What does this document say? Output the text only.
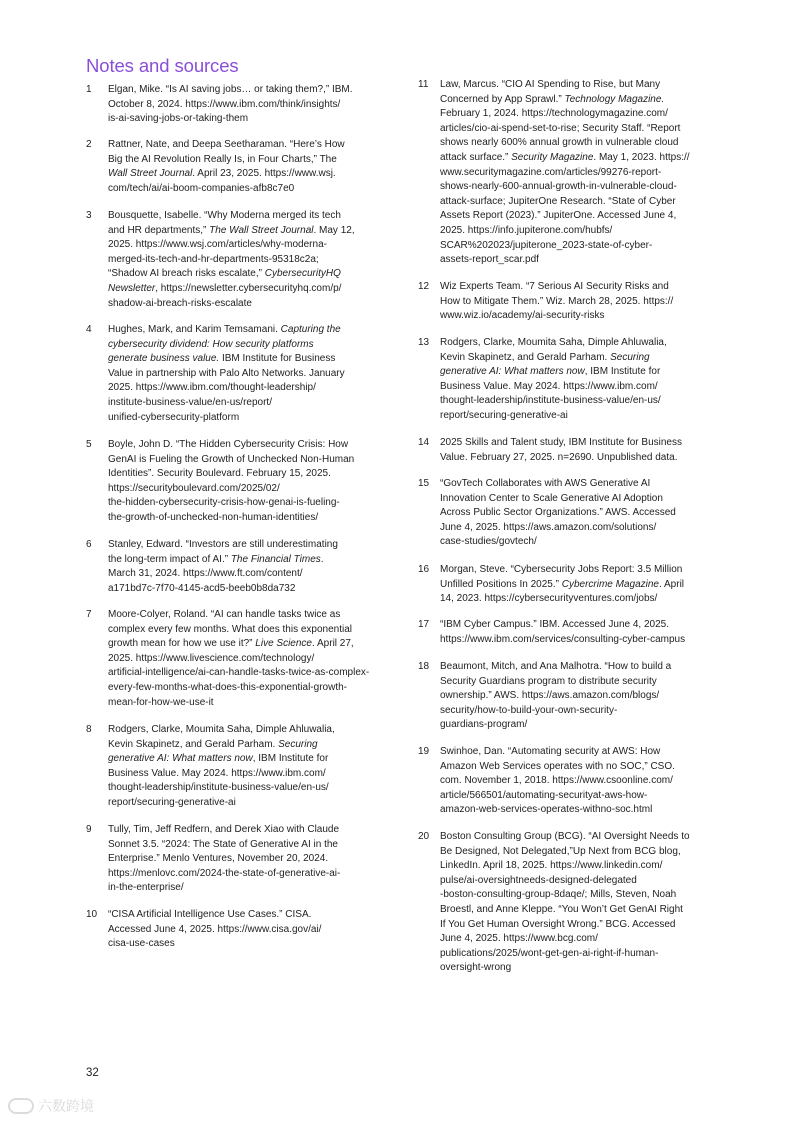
Notes and sources
1	Elgan, Mike. “Is AI saving jobs… or taking them?,” IBM.
October 8, 2024. https://www.ibm.com/think/insights/
is-ai-saving-jobs-or-taking-them
2	Rattner, Nate, and Deepa Seetharaman. “Here’s How
Big the AI Revolution Really Is, in Four Charts,” The
Wall Street Journal. April 23, 2025. https://www.wsj.
com/tech/ai/ai-boom-companies-afb8c7e0
3	Bousquette, Isabelle. “Why Moderna merged its tech
and HR departments,” The Wall Street Journal. May 12,
2025. https://www.wsj.com/articles/why-moderna-
merged-its-tech-and-hr-departments-95318c2a;
“Shadow AI breach risks escalate,” CybersecurityHQ
Newsletter, https://newsletter.cybersecurityhq.com/p/
shadow-ai-breach-risks-escalate
4	Hughes, Mark, and Karim Temsamani. Capturing the
cybersecurity dividend: How security platforms
generate business value. IBM Institute for Business
Value in partnership with Palo Alto Networks. January
2025. https://www.ibm.com/thought-leadership/
institute-business-value/en-us/report/
unified-cybersecurity-platform
5	Boyle, John D. “The Hidden Cybersecurity Crisis: How
GenAI is Fueling the Growth of Unchecked Non-Human
Identities”. Security Boulevard. February 15, 2025.
https://securityboulevard.com/2025/02/
the-hidden-cybersecurity-crisis-how-genai-is-fueling-
the-growth-of-unchecked-non-human-identities/
6	Stanley, Edward. “Investors are still underestimating
the long-term impact of AI.” The Financial Times.
March 31, 2024. https://www.ft.com/content/
a171bd7c-7f70-4145-acd5-beeb0b8da732
7	Moore-Colyer, Roland. “AI can handle tasks twice as
complex every few months. What does this exponential
growth mean for how we use it?” Live Science. April 27,
2025. https://www.livescience.com/technology/
artificial-intelligence/ai-can-handle-tasks-twice-as-complex-
every-few-months-what-does-this-exponential-growth-
mean-for-how-we-use-it
8	Rodgers, Clarke, Moumita Saha, Dimple Ahluwalia,
Kevin Skapinetz, and Gerald Parham. Securing
generative AI: What matters now, IBM Institute for
Business Value. May 2024. https://www.ibm.com/
thought-leadership/institute-business-value/en-us/
report/securing-generative-ai
9	Tully, Tim, Jeff Redfern, and Derek Xiao with Claude
Sonnet 3.5. “2024: The State of Generative AI in the
Enterprise.” Menlo Ventures, November 20, 2024.
https://menlovc.com/2024-the-state-of-generative-ai-
in-the-enterprise/
10	“CISA Artificial Intelligence Use Cases.” CISA.
Accessed June 4, 2025. https://www.cisa.gov/ai/
cisa-use-cases
11	Law, Marcus. “CIO AI Spending to Rise, but Many
Concerned by App Sprawl.” Technology Magazine.
February 1, 2024. https://technologymagazine.com/
articles/cio-ai-spend-set-to-rise; Security Staff. “Report
shows nearly 600% annual growth in vulnerable cloud
attack surface.” Security Magazine. May 1, 2023. https://
www.securitymagazine.com/articles/99276-report-
shows-nearly-600-annual-growth-in-vulnerable-cloud-
attack-surface; JupiterOne Research. “State of Cyber
Assets Report (2023).” JupiterOne. Accessed June 4,
2025. https://info.jupiterone.com/hubfs/
SCAR%202023/jupiterone_2023-state-of-cyber-
assets-report_scar.pdf
12	Wiz Experts Team. “7 Serious AI Security Risks and
How to Mitigate Them.” Wiz. March 28, 2025. https://
www.wiz.io/academy/ai-security-risks
13	Rodgers, Clarke, Moumita Saha, Dimple Ahluwalia,
Kevin Skapinetz, and Gerald Parham. Securing
generative AI: What matters now, IBM Institute for
Business Value. May 2024. https://www.ibm.com/
thought-leadership/institute-business-value/en-us/
report/securing-generative-ai
14	2025 Skills and Talent study, IBM Institute for Business
Value. February 27, 2025. n=2690. Unpublished data.
15	“GovTech Collaborates with AWS Generative AI
Innovation Center to Scale Generative AI Adoption
Across Public Sector Organizations.” AWS. Accessed
June 4, 2025. https://aws.amazon.com/solutions/
case-studies/govtech/
16	Morgan, Steve. “Cybersecurity Jobs Report: 3.5 Million
Unfilled Positions In 2025.” Cybercrime Magazine. April
14, 2023. https://cybersecurityventures.com/jobs/
17	“IBM Cyber Campus.” IBM. Accessed June 4, 2025.
https://www.ibm.com/services/consulting-cyber-campus
18	Beaumont, Mitch, and Ana Malhotra. “How to build a
Security Guardians program to distribute security
ownership.” AWS. https://aws.amazon.com/blogs/
security/how-to-build-your-own-security-
guardians-program/
19	Swinhoe, Dan. “Automating security at AWS: How
Amazon Web Services operates with no SOC,” CSO.
com. November 1, 2018. https://www.csoonline.com/
article/566501/automating-securityat-aws-how-
amazon-web-services-operates-withno-soc.html
20	Boston Consulting Group (BCG). “AI Oversight Needs to
Be Designed, Not Delegated,”Up Next from BCG blog,
LinkedIn. April 18, 2025. https://www.linkedin.com/
pulse/ai-oversightneeds-designed-delegated
-boston-consulting-group-8daqe/; Mills, Steven, Noah
Broestl, and Anne Kleppe. “You Won’t Get GenAI Right
If You Get Human Oversight Wrong.” BCG. Accessed
June 4, 2025. https://www.bcg.com/
publications/2025/wont-get-gen-ai-right-if-human-
oversight-wrong
32
六数跨境
